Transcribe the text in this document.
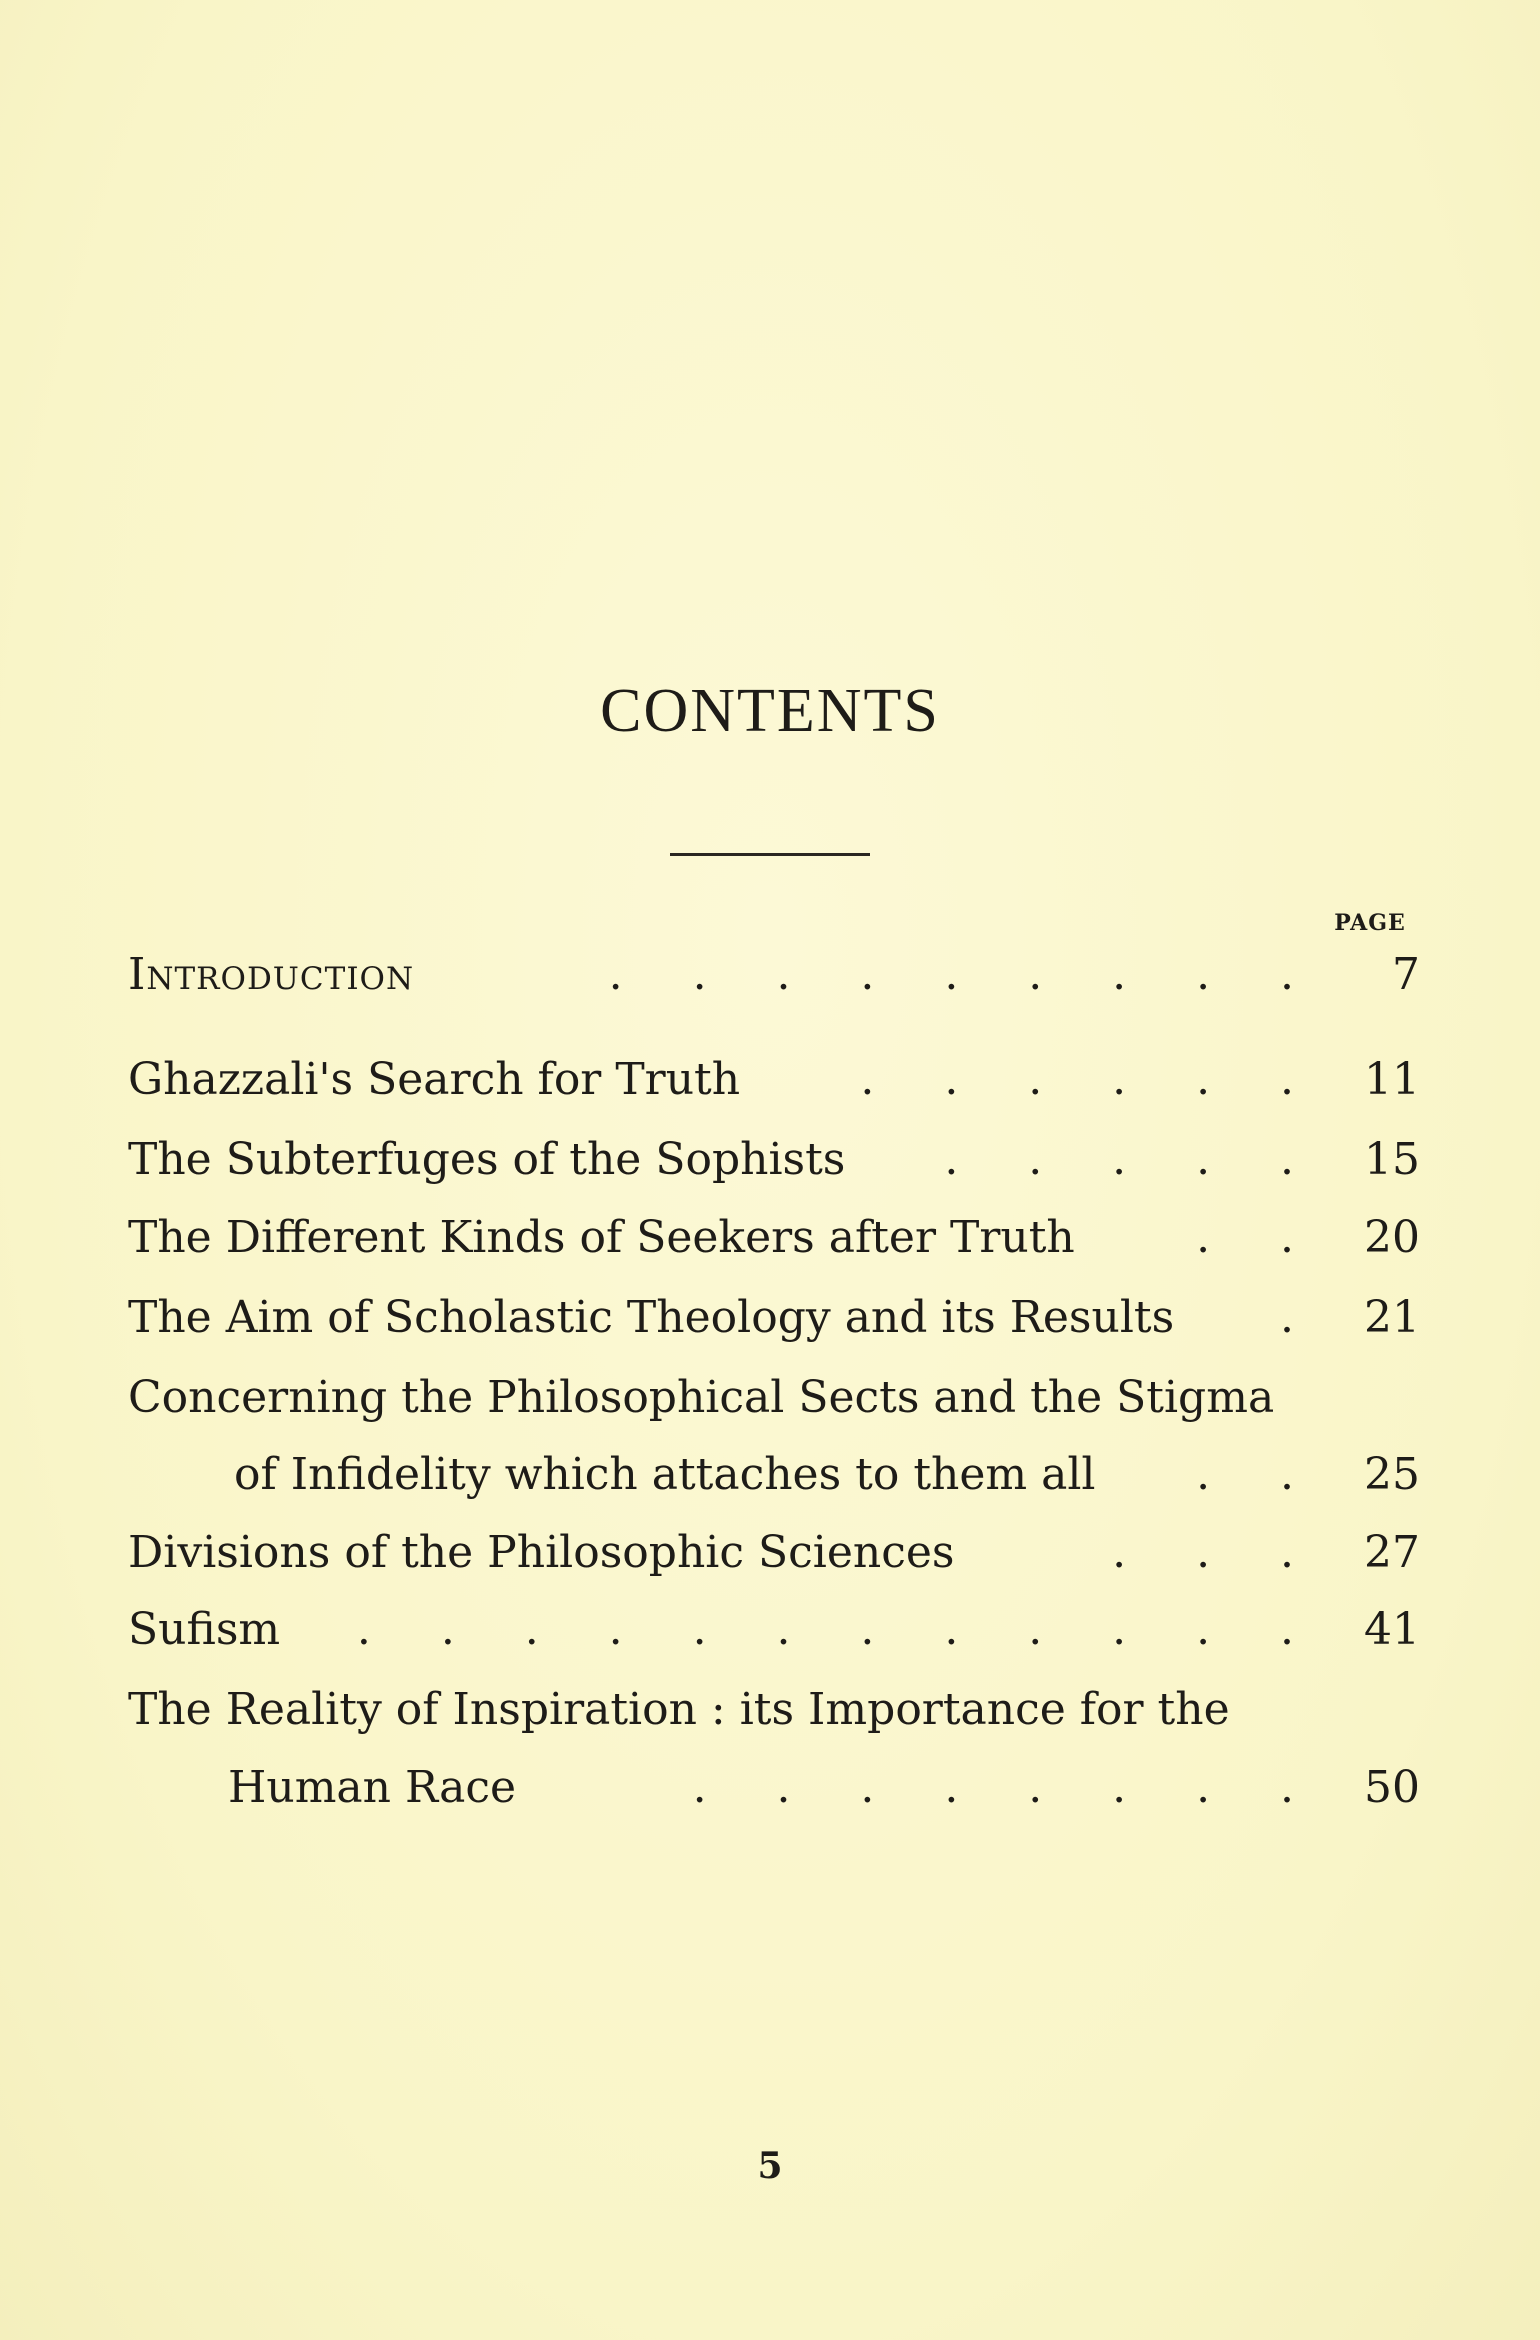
CONTENTS
PAGE
Introduction	.     .     .     .     .     .     .     .     .	7
Ghazzali's Search for Truth	.     .     .     .     .     .	11
The Subterfuges of the Sophists .     .     .     .     .	15
The Different Kinds of Seekers after Truth	.     .	20
The Aim of Scholastic Theology and its Results .	21
Concerning the Philosophical Sects and the Stigma
of Infidelity which attaches to them all .     .	25
Divisions of the Philosophic Sciences	.     .     .	27
Sufism .     .     .     .     .     .     .     .     .     .     .     .	41
The Reality of Inspiration : its Importance for the
Human Race	.     .     .     .     .     .     .     .	50
5
